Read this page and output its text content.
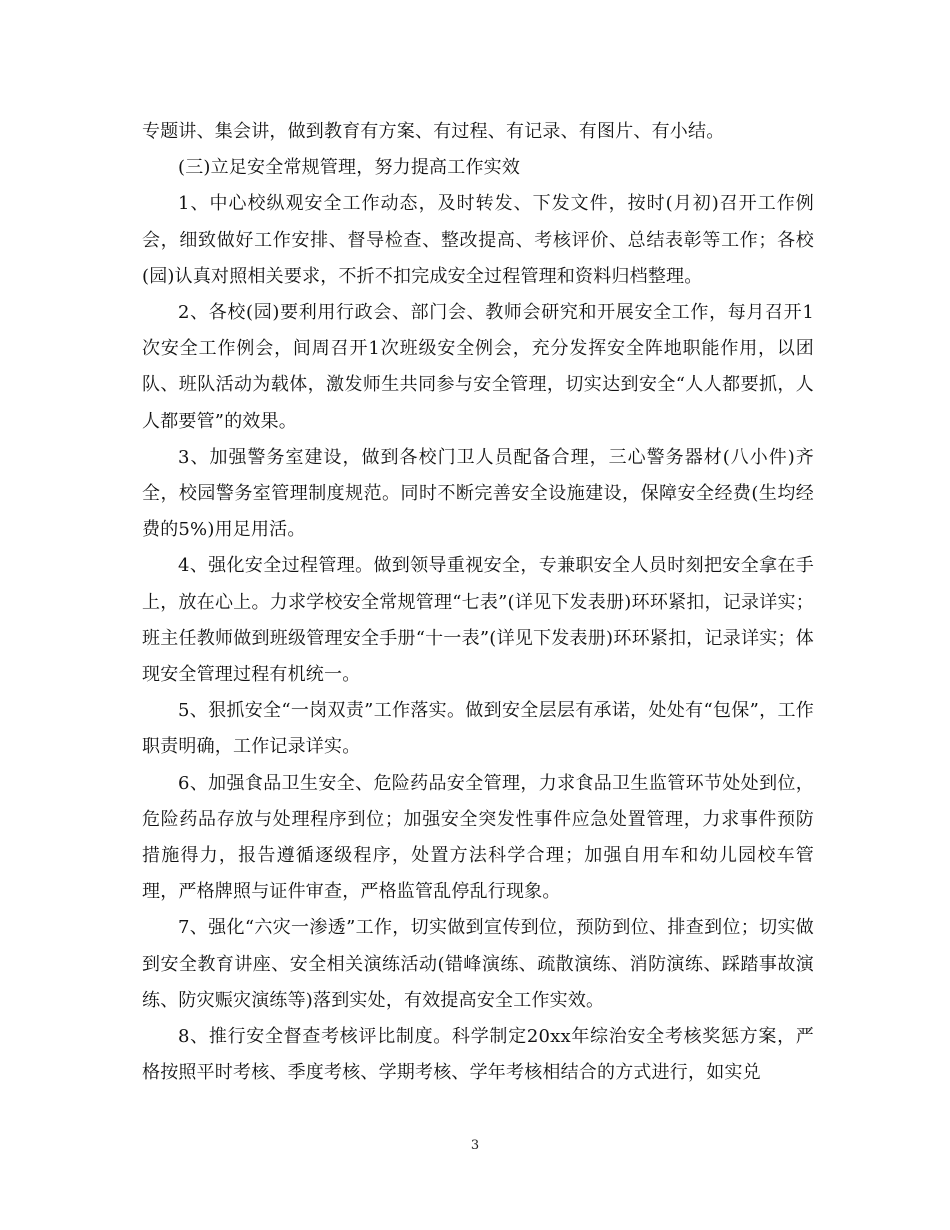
专题讲、集会讲，做到教育有方案、有过程、有记录、有图片、有小结。

(三)立足安全常规管理，努力提高工作实效

1、中心校纵观安全工作动态，及时转发、下发文件，按时(月初)召开工作例会，细致做好工作安排、督导检查、整改提高、考核评价、总结表彰等工作；各校(园)认真对照相关要求，不折不扣完成安全过程管理和资料归档整理。

2、各校(园)要利用行政会、部门会、教师会研究和开展安全工作，每月召开1次安全工作例会，间周召开1次班级安全例会，充分发挥安全阵地职能作用，以团队、班队活动为载体，激发师生共同参与安全管理，切实达到安全“人人都要抓，人人都要管”的效果。

3、加强警务室建设，做到各校门卫人员配备合理，三心警务器材(八小件)齐全，校园警务室管理制度规范。同时不断完善安全设施建设，保障安全经费(生均经费的5%)用足用活。

4、强化安全过程管理。做到领导重视安全，专兼职安全人员时刻把安全拿在手上，放在心上。力求学校安全常规管理“七表”(详见下发表册)环环紧扣，记录详实；班主任教师做到班级管理安全手册“十一表”(详见下发表册)环环紧扣，记录详实；体现安全管理过程有机统一。

5、狠抓安全“一岗双责”工作落实。做到安全层层有承诺，处处有“包保”，工作职责明确，工作记录详实。

6、加强食品卫生安全、危险药品安全管理，力求食品卫生监管环节处处到位，危险药品存放与处理程序到位；加强安全突发性事件应急处置管理，力求事件预防措施得力，报告遵循逐级程序，处置方法科学合理；加强自用车和幼儿园校车管理，严格牌照与证件审查，严格监管乱停乱行现象。

7、强化“六灾一渗透”工作，切实做到宣传到位，预防到位、排查到位；切实做到安全教育讲座、安全相关演练活动(错峰演练、疏散演练、消防演练、踩踏事故演练、防灾赈灾演练等)落到实处，有效提高安全工作实效。

8、推行安全督查考核评比制度。科学制定20xx年综治安全考核奖惩方案，严格按照平时考核、季度考核、学期考核、学年考核相结合的方式进行，如实兑

3
